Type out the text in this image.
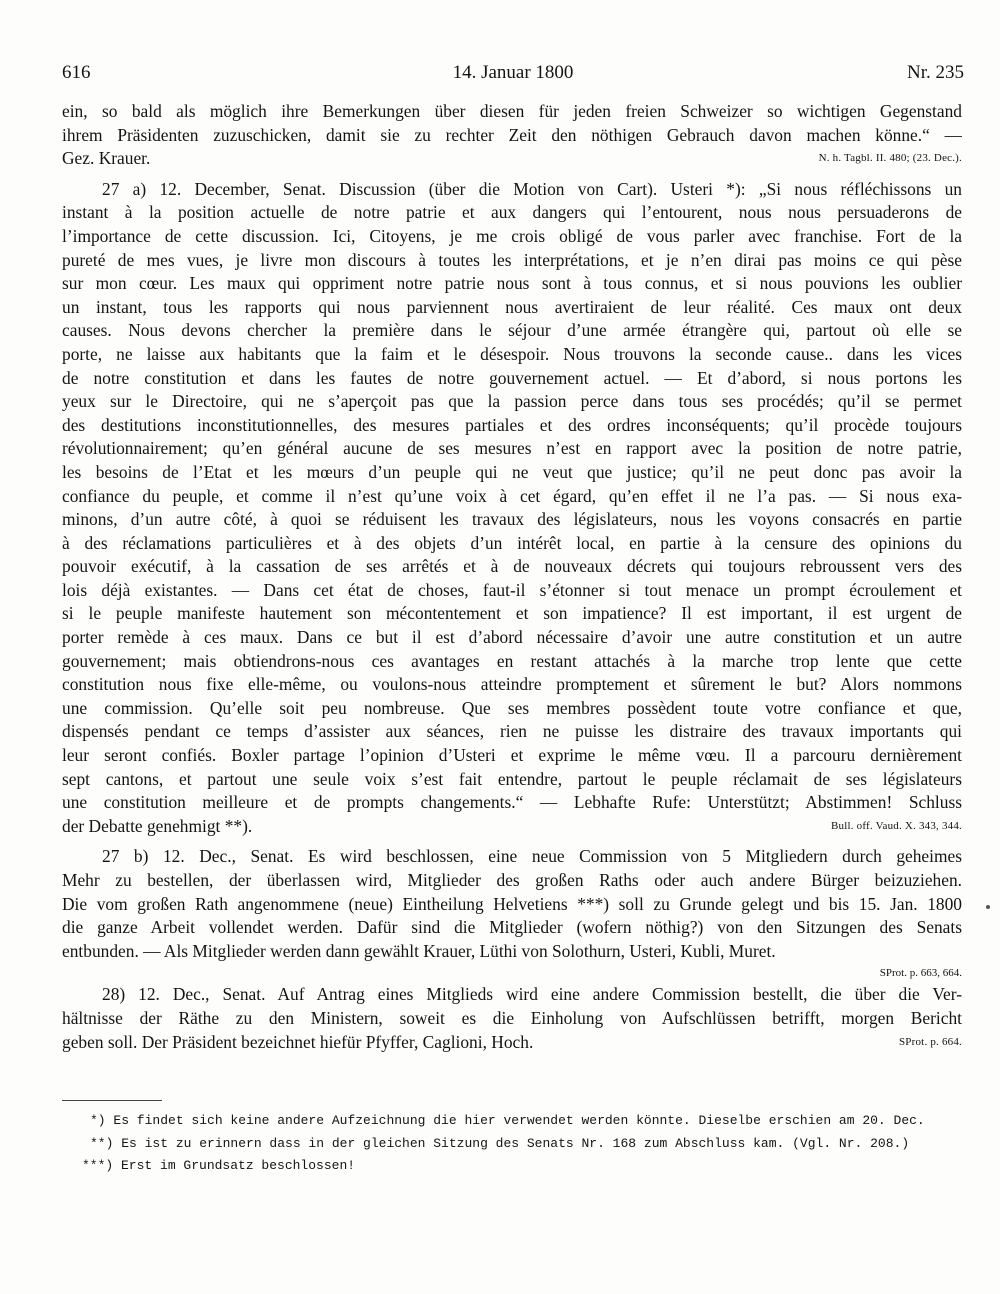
616	14. Januar 1800	Nr. 235
ein, so bald als möglich ihre Bemerkungen über diesen für jeden freien Schweizer so wichtigen Gegenstand
ihrem Präsidenten zuzuschicken, damit sie zu rechter Zeit den nöthigen Gebrauch davon machen könne.“ —
Gez. Krauer.	N. h. Tagbl. II. 480; (23. Dec.).
27 a) 12. December, Senat. Discussion (über die Motion von Cart). Usteri *): „Si nous réfléchissons un
instant à la position actuelle de notre patrie et aux dangers qui l’entourent, nous nous persuaderons de
l’importance de cette discussion. Ici, Citoyens, je me crois obligé de vous parler avec franchise. Fort de la
pureté de mes vues, je livre mon discours à toutes les interprétations, et je n’en dirai pas moins ce qui pèse
sur mon cœur. Les maux qui oppriment notre patrie nous sont à tous connus, et si nous pouvions les oublier
un instant, tous les rapports qui nous parviennent nous avertiraient de leur réalité. Ces maux ont deux
causes. Nous devons chercher la première dans le séjour d’une armée étrangère qui, partout où elle se
porte, ne laisse aux habitants que la faim et le désespoir. Nous trouvons la seconde cause.. dans les vices
de notre constitution et dans les fautes de notre gouvernement actuel. — Et d’abord, si nous portons les
yeux sur le Directoire, qui ne s’aperçoit pas que la passion perce dans tous ses procédés; qu’il se permet
des destitutions inconstitutionnelles, des mesures partiales et des ordres inconséquents; qu’il procède toujours
révolutionnairement; qu’en général aucune de ses mesures n’est en rapport avec la position de notre patrie,
les besoins de l’Etat et les mœurs d’un peuple qui ne veut que justice; qu’il ne peut donc pas avoir la
confiance du peuple, et comme il n’est qu’une voix à cet égard, qu’en effet il ne l’a pas. — Si nous exa-
minons, d’un autre côté, à quoi se réduisent les travaux des législateurs, nous les voyons consacrés en partie
à des réclamations particulières et à des objets d’un intérêt local, en partie à la censure des opinions du
pouvoir exécutif, à la cassation de ses arrêtés et à de nouveaux décrets qui toujours rebroussent vers des
lois déjà existantes. — Dans cet état de choses, faut-il s’étonner si tout menace un prompt écroulement et
si le peuple manifeste hautement son mécontentement et son impatience? Il est important, il est urgent de
porter remède à ces maux. Dans ce but il est d’abord nécessaire d’avoir une autre constitution et un autre
gouvernement; mais obtiendrons-nous ces avantages en restant attachés à la marche trop lente que cette
constitution nous fixe elle-même, ou voulons-nous atteindre promptement et sûrement le but? Alors nommons
une commission. Qu’elle soit peu nombreuse. Que ses membres possèdent toute votre confiance et que,
dispensés pendant ce temps d’assister aux séances, rien ne puisse les distraire des travaux importants qui
leur seront confiés. Boxler partage l’opinion d’Usteri et exprime le même vœu. Il a parcouru dernièrement
sept cantons, et partout une seule voix s’est fait entendre, partout le peuple réclamait de ses législateurs
une constitution meilleure et de prompts changements.“ — Lebhafte Rufe: Unterstützt; Abstimmen! Schluss
der Debatte genehmigt **).	Bull. off. Vaud. X. 343, 344.
27 b) 12. Dec., Senat. Es wird beschlossen, eine neue Commission von 5 Mitgliedern durch geheimes
Mehr zu bestellen, der überlassen wird, Mitglieder des großen Raths oder auch andere Bürger beizuziehen.
Die vom großen Rath angenommene (neue) Eintheilung Helvetiens ***) soll zu Grunde gelegt und bis 15. Jan. 1800
die ganze Arbeit vollendet werden. Dafür sind die Mitglieder (wofern nöthig?) von den Sitzungen des Senats
entbunden. — Als Mitglieder werden dann gewählt Krauer, Lüthi von Solothurn, Usteri, Kubli, Muret.
SProt. p. 663, 664.
28) 12. Dec., Senat. Auf Antrag eines Mitglieds wird eine andere Commission bestellt, die über die Ver-
hältnisse der Räthe zu den Ministern, soweit es die Einholung von Aufschlüssen betrifft, morgen Bericht
geben soll. Der Präsident bezeichnet hiefür Pfyffer, Caglioni, Hoch.	SProt. p. 664.
*) Es findet sich keine andere Aufzeichnung die hier verwendet werden könnte. Dieselbe erschien am 20. Dec.
**) Es ist zu erinnern dass in der gleichen Sitzung des Senats Nr. 168 zum Abschluss kam. (Vgl. Nr. 208.)
***) Erst im Grundsatz beschlossen!
